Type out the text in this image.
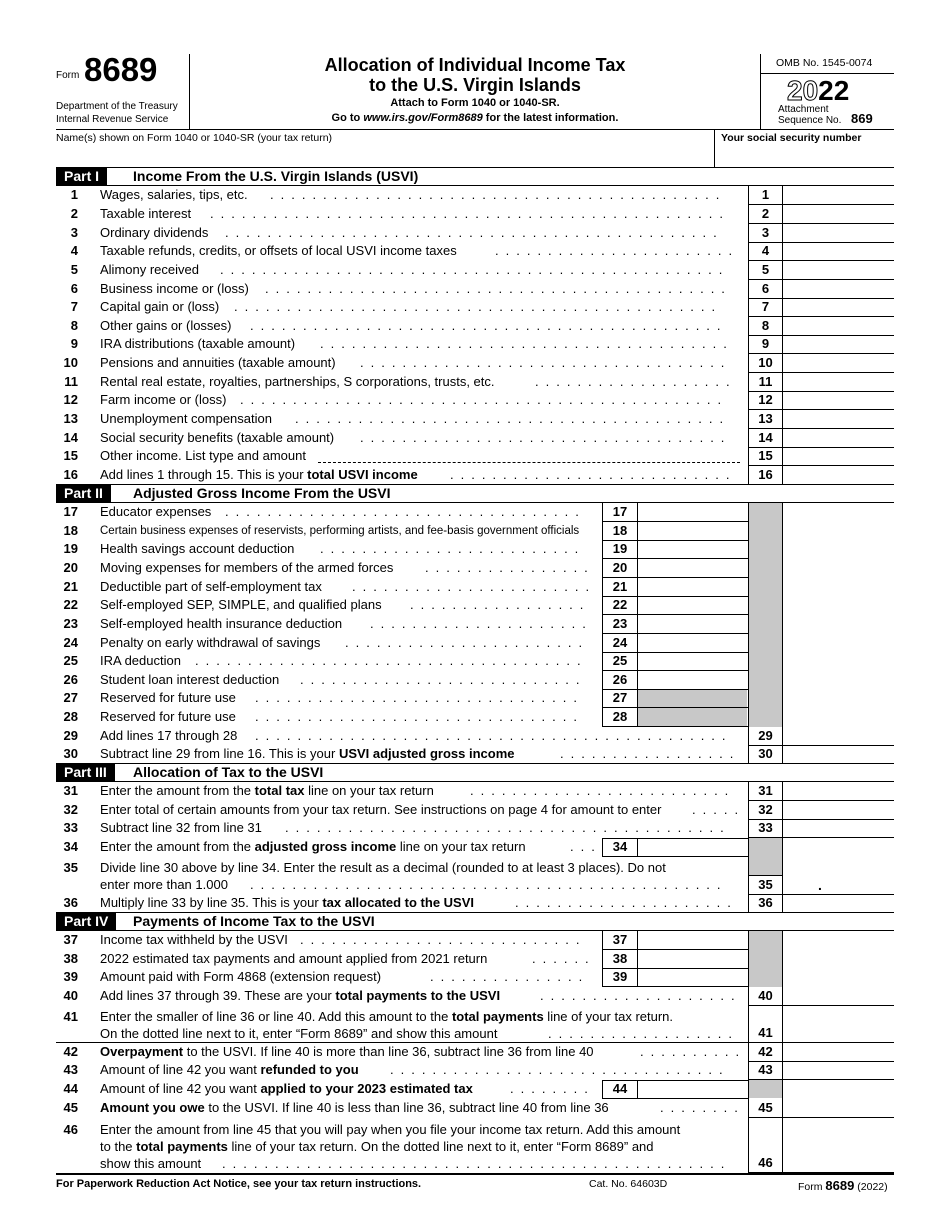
Form 8689
Department of the Treasury
Internal Revenue Service
Allocation of Individual Income Tax
to the U.S. Virgin Islands
Attach to Form 1040 or 1040-SR.
Go to www.irs.gov/Form8689 for the latest information.
OMB No. 1545-0074
2022
Attachment
Sequence No. 869
Name(s) shown on Form 1040 or 1040-SR (your tax return)	Your social security number
Part I	Income From the U.S. Virgin Islands (USVI)
Part II	Adjusted Gross Income From the USVI
Part III	Allocation of Tax to the USVI
Part IV	Payments of Income Tax to the USVI
For Paperwork Reduction Act Notice, see your tax return instructions.	Cat. No. 64603D	Form 8689 (2022)
1 Wages, salaries, tips, etc. ...........................................	1
2 Taxable interest .................................................	2
3 Ordinary dividends ...............................................	3
4 Taxable refunds, credits, or offsets of local USVI income taxes	.......................	4
5 Alimony received ................................................	5
6 Business income or (loss) ............................................	6
7 Capital gain or (loss) ..............................................	7
8 Other gains or (losses) .............................................	8
9 IRA distributions (taxable amount) .......................................	9
10 Pensions and annuities (taxable amount) ...................................	10
11 Rental real estate, royalties, partnerships, S corporations, trusts, etc.	...................	11
12 Farm income or (loss) ..............................................	12
13 Unemployment compensation .........................................	13
14 Social security benefits (taxable amount) ...................................	14
15 Other income. List type and amount	15
16 Add lines 1 through 15. This is your total USVI income ...........................	16
17 Educator expenses ..................................	17
18 Certain business expenses of reservists, performing artists, and fee-basis government officials	18
19 Health savings account deduction .........................	19
20 Moving expenses for members of the armed forces ................	20
21 Deductible part of self-employment tax .......................	21
22 Self-employed SEP, SIMPLE, and qualified plans .................	22
23 Self-employed health insurance deduction .....................	23
24 Penalty on early withdrawal of savings .......................	24
25 IRA deduction .....................................	25
26 Student loan interest deduction ...........................	26
27 Reserved for future use ...............................	27
28 Reserved for future use ...............................	28
29 Add lines 17 through 28 .............................................	29
30 Subtract line 29 from line 16. This is your USVI adjusted gross income	.................	30
31 Enter the amount from the total tax line on your tax return	.........................	31
32 Enter total of certain amounts from your tax return. See instructions on page 4 for amount to enter .....	32
33 Subtract line 32 from line 31 ..........................................	33
34 Enter the amount from the adjusted gross income line on your tax return	... 34
36 Multiply line 33 by line 35. This is your tax allocated to the USVI	.....................	36
37 Income tax withheld by the USVI ...........................	37
38 2022 estimated tax payments and amount applied from 2021 return	......	38
39 Amount paid with Form 4868 (extension request)	...............	39
40 Add lines 37 through 39. These are your total payments to the USVI	...................	40
42 Overpayment to the USVI. If line 40 is more than line 36, subtract line 36 from line 40	.......... 42
43 Amount of line 42 you want refunded to you ................................	43
44 Amount of line 42 you want applied to your 2023 estimated tax	........	44
45 Amount you owe to the USVI. If line 40 is less than line 36, subtract line 40 from line 36	........	45
35 Divide line 30 above by line 34. Enter the result as a decimal (rounded to at least 3 places). Do not
enter more than 1.000 .............................................	35	.
41 Enter the smaller of line 36 or line 40. Add this amount to the total payments line of your tax return.
On the dotted line next to it, enter “Form 8689” and show this amount	..................	41
46 Enter the amount from line 45 that you will pay when you file your income tax return. Add this amount
to the total payments line of your tax return. On the dotted line next to it, enter “Form 8689” and
show this amount ................................................	46
